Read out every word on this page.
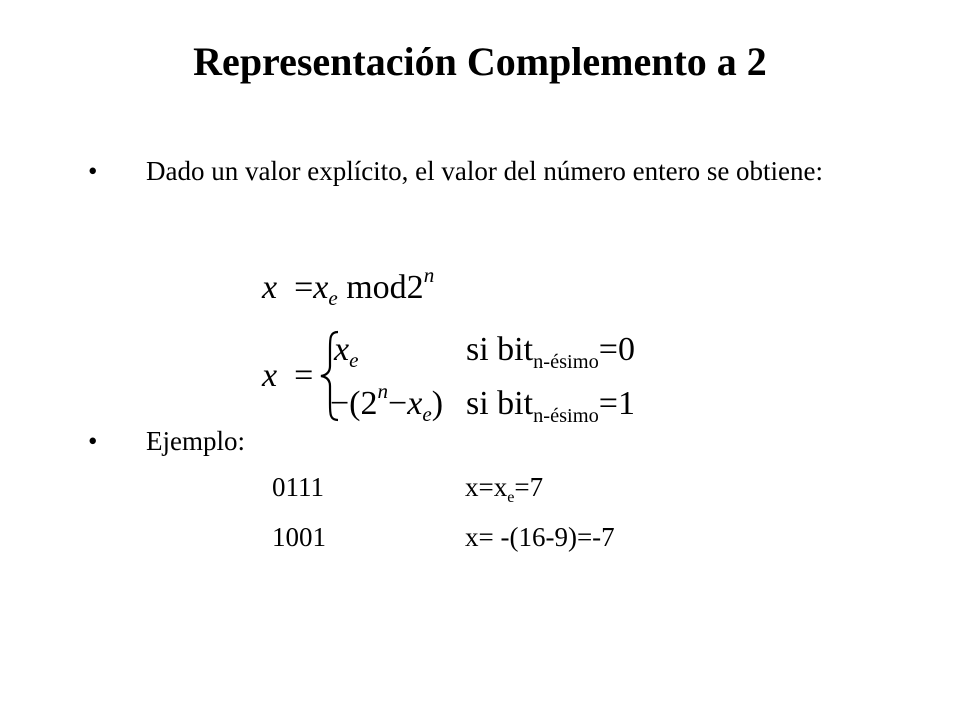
Representación Complemento a 2
• Dado un valor explícito, el valor del número entero se obtiene:
$x =x_e$ mod2$^n$
x =
$x_e$	si bit$_{n-ésimo}$=0
$-(2^n-x_e)$ si bit$_{n-ésimo}$=1
• Ejemplo:
0111	$x=x_e=7$
1001	x= -(16-9)=-7
